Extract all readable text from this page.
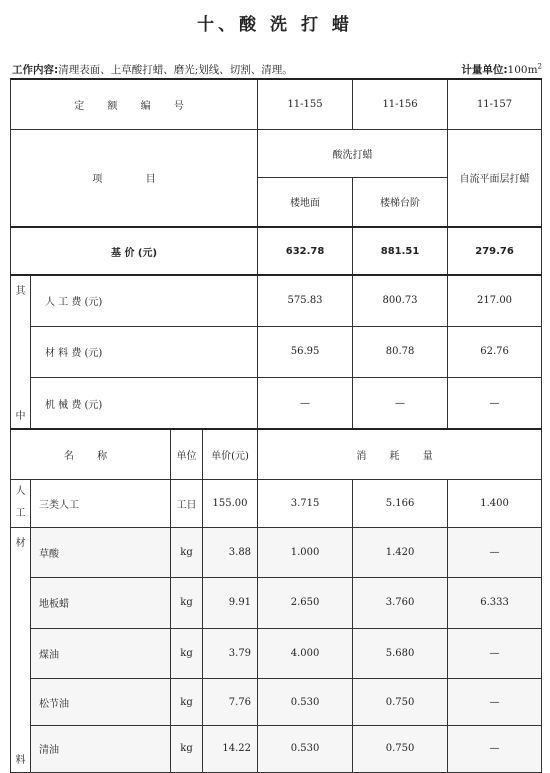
十、酸 洗 打 蜡
工作内容:清理表面、上草酸打蜡、磨光;划线、切割、清理。	计量单位$:100m^2$
定 额 编 号				11-155	11-156	11-157
项 目				酸洗打蜡		自流平面层打蜡
				楼地面	楼梯台阶	
基 价 (元)				632.78	881.51	279.76

其
中	人 工 费 (元)			575.83	800.73	217.00
	材 料 费 (元)			56.95	80.78	62.76
	机 械 费 (元)			—	—	—
名 称		单位	单价(元)	消 耗 量		

人
工	三类人工	工日	155.00	3.715	5.166	1.400

材
料	草酸	kg	3.88	1.000	1.420	—
	地板蜡	kg	9.91	2.650	3.760	6.333
	煤油	kg	3.79	4.000	5.680	—
	松节油	kg	7.76	0.530	0.750	—
	清油	kg	14.22	0.530	0.750	—
